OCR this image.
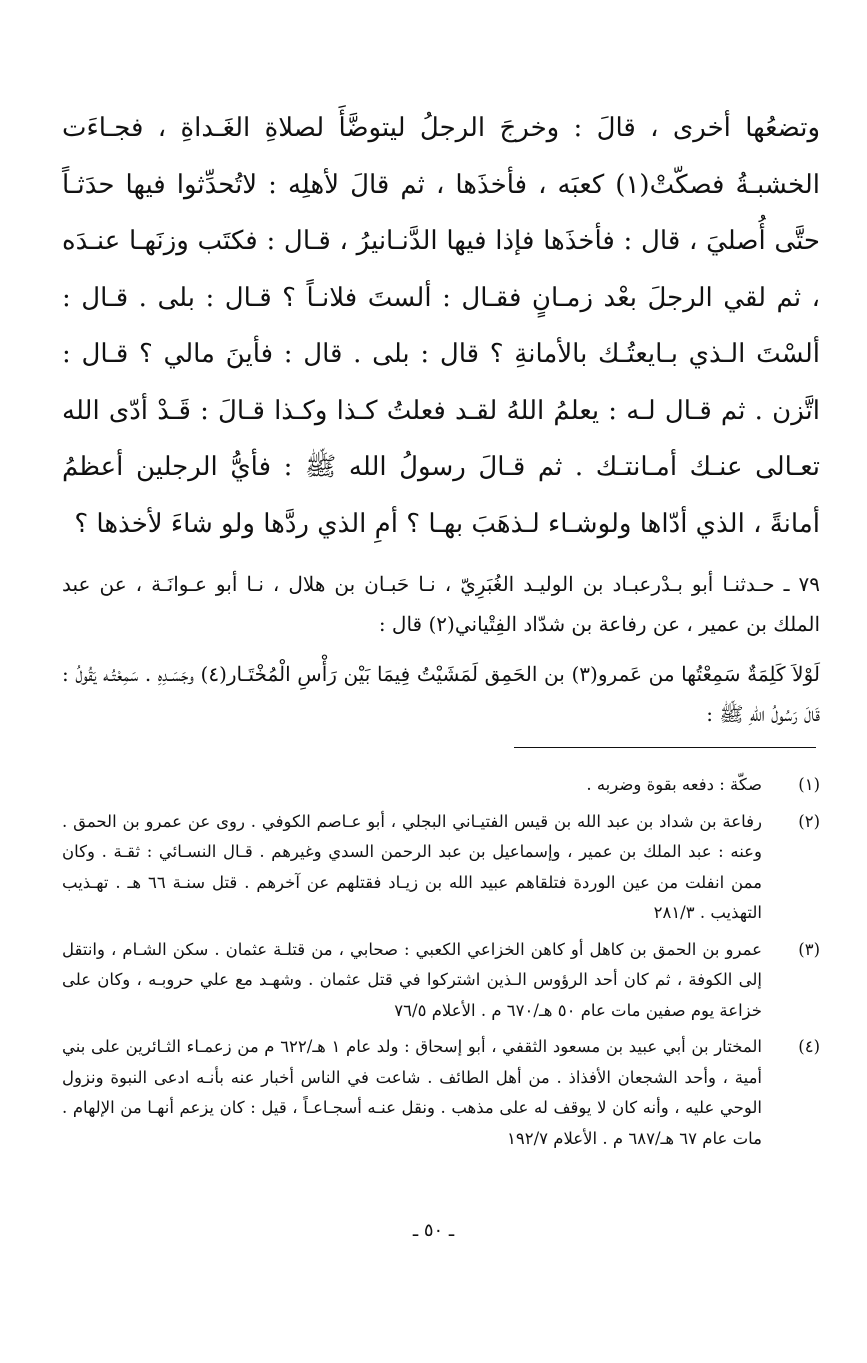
وتضعُها أخرى ، قالَ : وخرجَ الرجلُ ليتوضَّأَ لصلاةِ الغَـداةِ ، فجـاءَت الخشبـةُ فصكّتْ(١) كعبَه ، فأخذَها ، ثم قالَ لأهلِه : لاتُحدِّثوا فيها حدَثـاً حتَّى أُصليَ ، قال : فأخذَها فإذا فيها الدَّنـانيرُ ، قـال : فكتَب وزنَهـا عنـدَه ، ثم لقي الرجلَ بعْد زمـانٍ فقـال : ألستَ فلانـاً ؟ قـال : بلى . قـال : ألسْتَ الـذي بـايعتُـك بالأمانةِ ؟ قال : بلى . قال : فأينَ مالي ؟ قـال : اتَّزن . ثم قـال لـه : يعلمُ اللهُ لقـد فعلتُ كـذا وكـذا قـالَ : قَـدْ أدّى الله تعـالى عنـك أمـانتـك . ثم قـالَ رسولُ الله ﷺ : فأيُّ الرجلين أعظمُ أمانةً ، الذي أدّاها ولوشـاء لـذهَبَ بهـا ؟ أمِ الذي ردَّها ولو شاءَ لأخذها ؟

٧٩ ـ حـدثنـا أبو بـدْرعبـاد بن الوليـد الغُبَرِيّ ، نـا حَبـان بن هلال ، نـا أبو عـوانَـة ، عن عبد الملك بن عمير ، عن رفاعة بن شدّاد الفِتْياني(٢) قال :

لَوْلاَ كَلِمَةٌ سَمِعْتُها من عَمرو(٣) بن الحَمِق لَمَشَيْتُ فِيمَا بَيْن رَأْسِ الْمُخْتَـار(٤) وجَسَـدِهِ . سَمِعْتُـه يَقُولُ : قَالَ رَسُولُ اللهِ ﷺ :

(١)
صكّة : دفعه بقوة وضربه .
(٢)
رفاعة بن شداد بن عبد الله بن قيس الفتيـاني البجلي ، أبو عـاصم الكوفي . روى عن عمرو بن الحمق . وعنه : عبد الملك بن عمير ، وإسماعيل بن عبد الرحمن السدي وغيرهم . قـال النسـائي : ثقـة . وكان ممن انفلت من عين الوردة فتلقاهم عبيد الله بن زيـاد فقتلهم عن آخرهم . قتل سنـة ٦٦ هـ . تهـذيب التهذيب . ٢٨١/٣
(٣)
عمرو بن الحمق بن كاهل أو كاهن الخزاعي الكعبي : صحابي ، من قتلـة عثمان . سكن الشـام ، وانتقل إلى الكوفة ، ثم كان أحد الرؤوس الـذين اشتركوا في قتل عثمان . وشهـد مع علي حروبـه ، وكان على خزاعة يوم صفين مات عام ٥٠ هـ/٦٧٠ م . الأعلام ٧٦/٥
(٤)
المختار بن أبي عبيد بن مسعود الثقفي ، أبو إسحاق : ولد عام ١ هـ/٦٢٢ م من زعمـاء الثـائرين على بني أمية ، وأحد الشجعان الأفذاذ . من أهل الطائف . شاعت في الناس أخبار عنه بأنـه ادعى النبوة ونزول الوحي عليه ، وأنه كان لا يوقف له على مذهب . ونقل عنـه أسجـاعـاً ، قيل : كان يزعم أنهـا من الإلهام . مات عام ٦٧ هـ/٦٨٧ م . الأعلام ١٩٢/٧
ـ ٥٠ ـ
